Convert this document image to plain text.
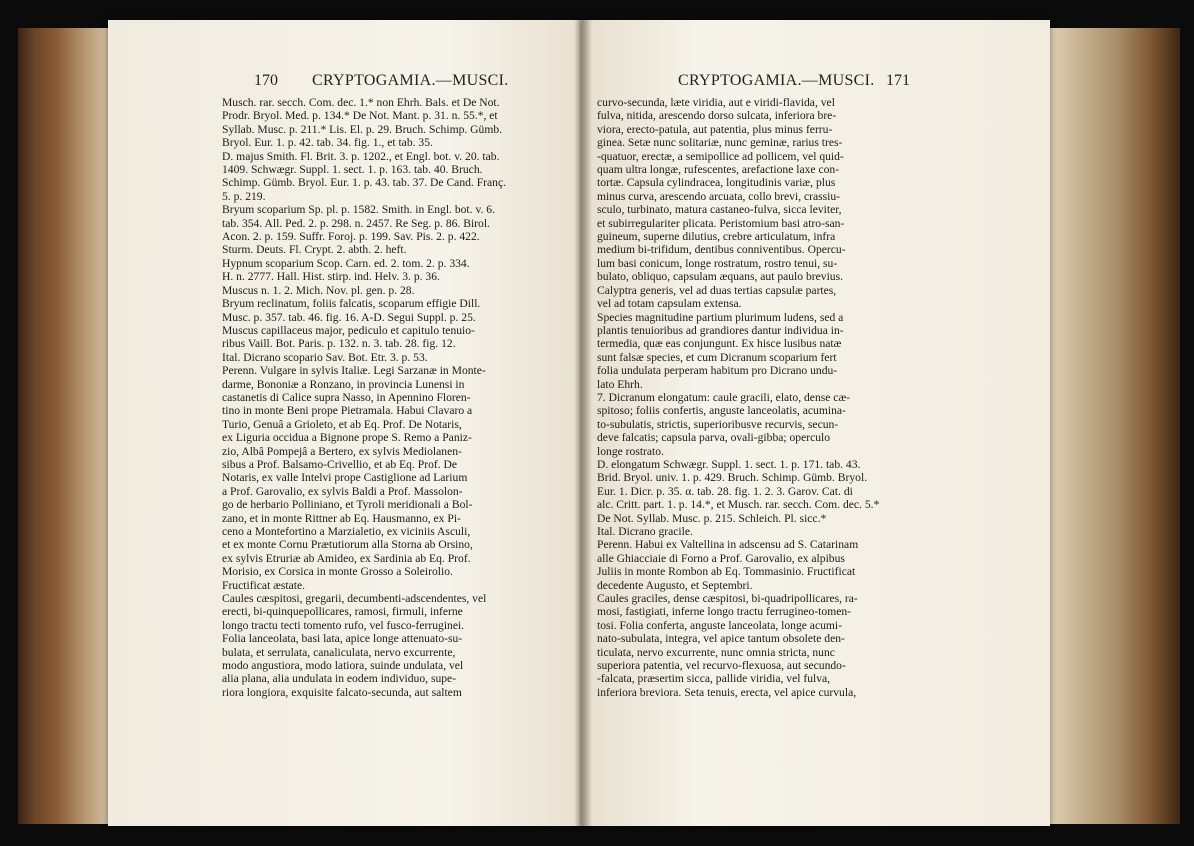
170 CRYPTOGAMIA.—MUSCI.	CRYPTOGAMIA.—MUSCI. 171

Musch. rar. secch. Com. dec. 1.* non Ehrh. Bals. et De Not.

Prodr. Bryol. Med. p. 134.* De Not. Mant. p. 31. n. 55.*, et

Syllab. Musc. p. 211.* Lis. El. p. 29. Bruch. Schimp. Gümb.

Bryol. Eur. 1. p. 42. tab. 34. fig. 1., et tab. 35.

D. majus Smith. Fl. Brit. 3. p. 1202., et Engl. bot. v. 20. tab.

1409. Schwægr. Suppl. 1. sect. 1. p. 163. tab. 40. Bruch.

Schimp. Gümb. Bryol. Eur. 1. p. 43. tab. 37. De Cand. Franç.

5. p. 219.

Bryum scoparium Sp. pl. p. 1582. Smith. in Engl. bot. v. 6.

tab. 354. All. Ped. 2. p. 298. n. 2457. Re Seg. p. 86. Birol.

Acon. 2. p. 159. Suffr. Foroj. p. 199. Sav. Pis. 2. p. 422.

Sturm. Deuts. Fl. Crypt. 2. abth. 2. heft.

Hypnum scoparium Scop. Carn. ed. 2. tom. 2. p. 334.

H. n. 2777. Hall. Hist. stirp. ind. Helv. 3. p. 36.

Muscus n. 1. 2. Mich. Nov. pl. gen. p. 28.

Bryum reclinatum, foliis falcatis, scoparum effigie Dill.

Musc. p. 357. tab. 46. fig. 16. A-D. Segui Suppl. p. 25.

Muscus capillaceus major, pediculo et capitulo tenuio-

ribus Vaill. Bot. Paris. p. 132. n. 3. tab. 28. fig. 12.

Ital. Dicrano scopario Sav. Bot. Etr. 3. p. 53.

Perenn. Vulgare in sylvis Italiæ. Legi Sarzanæ in Monte-

darme, Bononiæ a Ronzano, in provincia Lunensi in

castanetis di Calice supra Nasso, in Apennino Floren-

tino in monte Beni prope Pietramala. Habui Clavaro a

Turio, Genuâ a Grioleto, et ab Eq. Prof. De Notaris,

ex Liguria occidua a Bignone prope S. Remo a Paniz-

zio, Albâ Pompejâ a Bertero, ex sylvis Mediolanen-

sibus a Prof. Balsamo-Crivellio, et ab Eq. Prof. De

Notaris, ex valle Intelvi prope Castiglione ad Larium

a Prof. Garovalio, ex sylvis Baldi a Prof. Massolon-

go de herbario Polliniano, et Tyroli meridionali a Bol-

zano, et in monte Rittner ab Eq. Hausmanno, ex Pi-

ceno a Montefortino a Marzialetio, ex viciniis Asculi,

et ex monte Cornu Prætutiorum alla Storna ab Orsino,

ex sylvis Etruriæ ab Amideo, ex Sardinia ab Eq. Prof.

Morisio, ex Corsica in monte Grosso a Soleirolio.

Fructificat æstate.

Caules cæspitosi, gregarii, decumbenti-adscendentes, vel

erecti, bi-quinquepollicares, ramosi, firmuli, inferne

longo tractu tecti tomento rufo, vel fusco-ferruginei.

Folia lanceolata, basi lata, apice longe attenuato-su-

bulata, et serrulata, canaliculata, nervo excurrente,

modo angustiora, modo latiora, suinde undulata, vel

alia plana, alia undulata in eodem individuo, supe-

riora longiora, exquisite falcato-secunda, aut saltem

curvo-secunda, læte viridia, aut e viridi-flavida, vel

fulva, nitida, arescendo dorso sulcata, inferiora bre-

viora, erecto-patula, aut patentia, plus minus ferru-

ginea. Setæ nunc solitariæ, nunc geminæ, rarius tres-

-quatuor, erectæ, a semipollice ad pollicem, vel quid-

quam ultra longæ, rufescentes, arefactione laxe con-

tortæ. Capsula cylindracea, longitudinis variæ, plus

minus curva, arescendo arcuata, collo brevi, crassiu-

sculo, turbinato, matura castaneo-fulva, sicca leviter,

et subirregulariter plicata. Peristomium basi atro-san-

guineum, superne dilutius, crebre articulatum, infra

medium bi-trifidum, dentibus conniventibus. Opercu-

lum basi conicum, longe rostratum, rostro tenui, su-

bulato, obliquo, capsulam æquans, aut paulo brevius.

Calyptra generis, vel ad duas tertias capsulæ partes,

vel ad totam capsulam extensa.

Species magnitudine partium plurimum ludens, sed a

plantis tenuioribus ad grandiores dantur individua in-

termedia, quæ eas conjungunt. Ex hisce lusibus natæ

sunt falsæ species, et cum Dicranum scoparium fert

folia undulata perperam habitum pro Dicrano undu-

lato Ehrh.

7. Dicranum elongatum: caule gracili, elato, dense cæ-

spitoso; foliis confertis, anguste lanceolatis, acumina-

to-subulatis, strictis, superioribusve recurvis, secun-

deve falcatis; capsula parva, ovali-gibba; operculo

longe rostrato.

D. elongatum Schwægr. Suppl. 1. sect. 1. p. 171. tab. 43.

Brid. Bryol. univ. 1. p. 429. Bruch. Schimp. Gümb. Bryol.

Eur. 1. Dicr. p. 35. α. tab. 28. fig. 1. 2. 3. Garov. Cat. di

alc. Critt. part. 1. p. 14.*, et Musch. rar. secch. Com. dec. 5.*

De Not. Syllab. Musc. p. 215. Schleich. Pl. sicc.*

Ital. Dicrano gracile.

Perenn. Habui ex Valtellina in adscensu ad S. Catarinam

alle Ghiacciaie di Forno a Prof. Garovalio, ex alpibus

Juliis in monte Rombon ab Eq. Tommasinio. Fructificat

decedente Augusto, et Septembri.

Caules graciles, dense cæspitosi, bi-quadripollicares, ra-

mosi, fastigiati, inferne longo tractu ferrugineo-tomen-

tosi. Folia conferta, anguste lanceolata, longe acumi-

nato-subulata, integra, vel apice tantum obsolete den-

ticulata, nervo excurrente, nunc omnia stricta, nunc

superiora patentia, vel recurvo-flexuosa, aut secundo-

-falcata, præsertim sicca, pallide viridia, vel fulva,

inferiora breviora. Seta tenuis, erecta, vel apice curvula,
